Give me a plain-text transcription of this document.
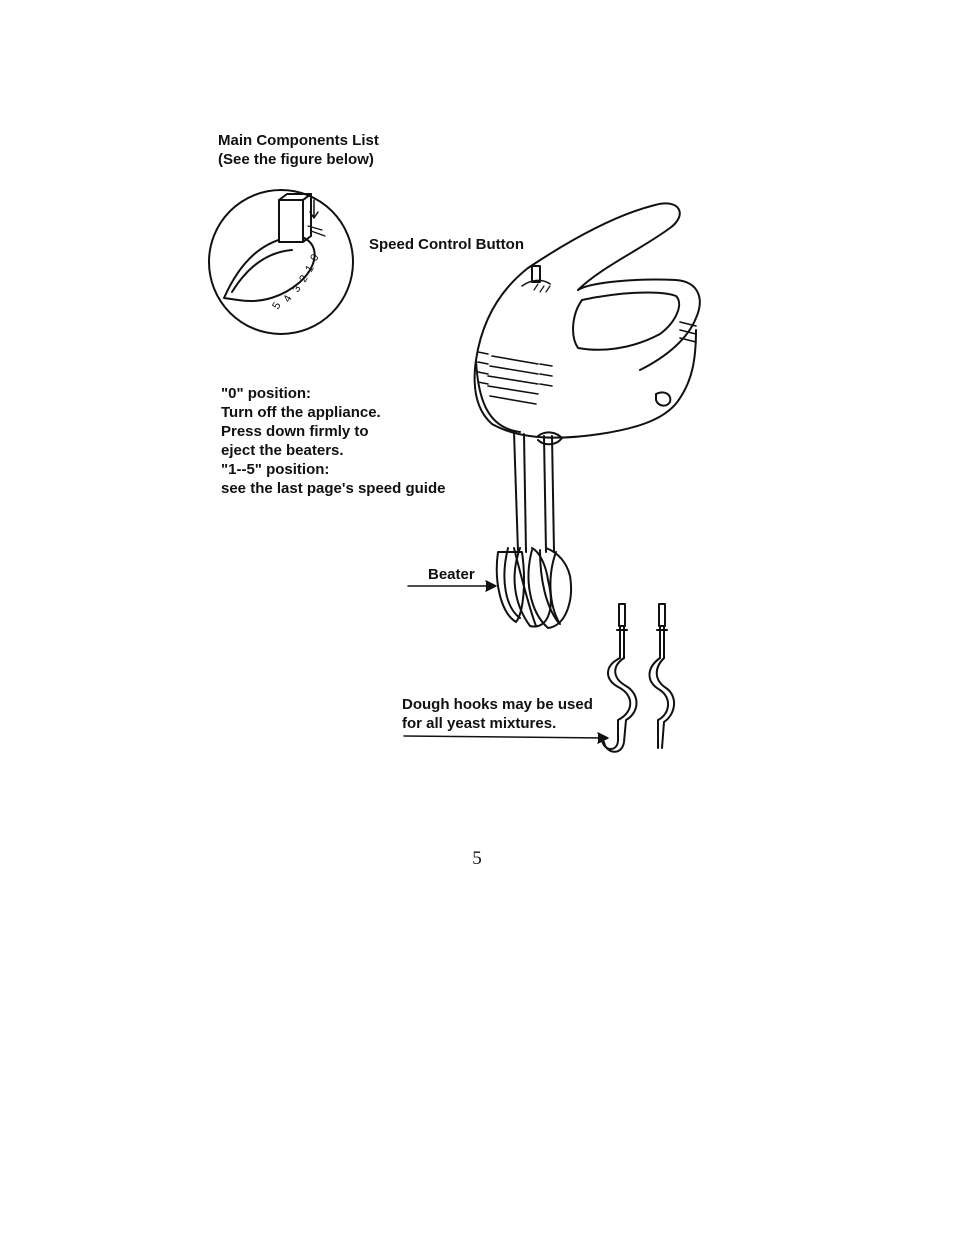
5
4
3
2
1
0
Main Components List
(See the figure below)
Speed Control Button
"0" position:
Turn off the appliance.
Press down firmly to
eject the beaters.
"1--5" position:
see the last page's speed guide
Beater
Dough hooks may be used
for all yeast mixtures.
5
